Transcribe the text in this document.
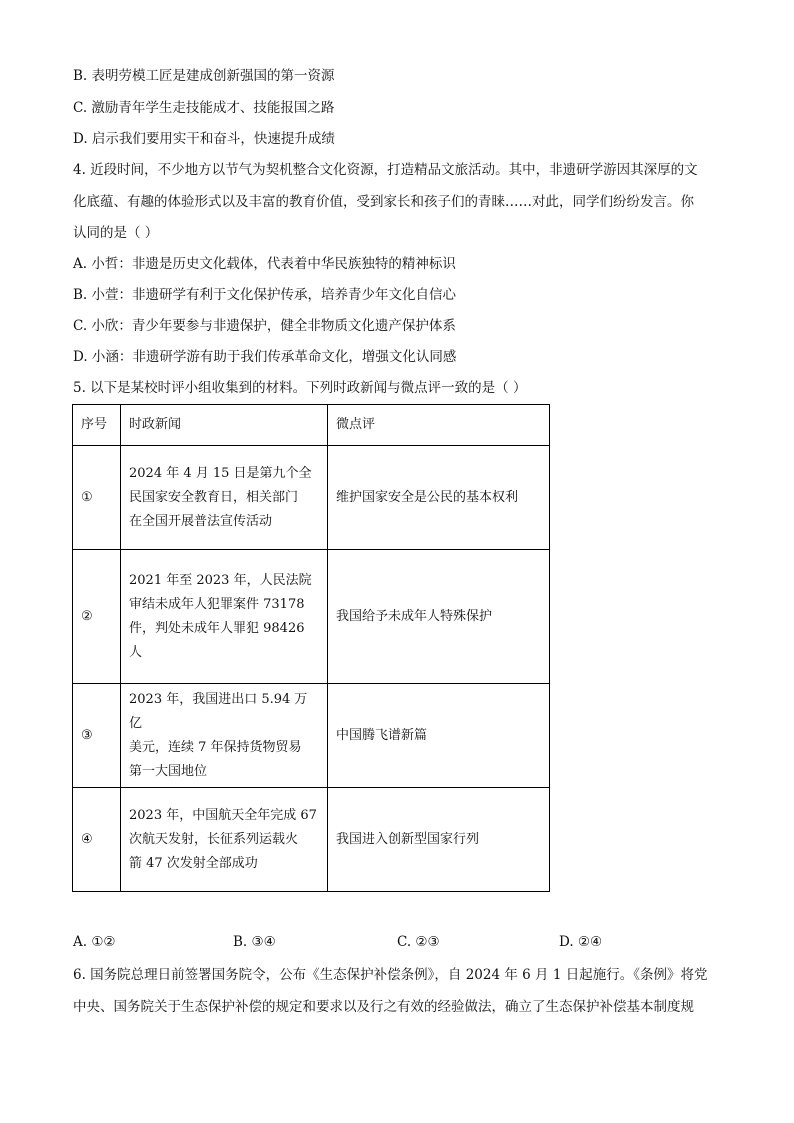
B. 表明劳模工匠是建成创新强国的第一资源
C. 激励青年学生走技能成才、技能报国之路
D. 启示我们要用实干和奋斗，快速提升成绩
4. 近段时间，不少地方以节气为契机整合文化资源，打造精品文旅活动。其中，非遗研学游因其深厚的文
化底蕴、有趣的体验形式以及丰富的教育价值，受到家长和孩子们的青睐……对此，同学们纷纷发言。你
认同的是（ ）
A. 小哲：非遗是历史文化载体，代表着中华民族独特的精神标识
B. 小萱：非遗研学有利于文化保护传承，培养青少年文化自信心
C. 小欣：青少年要参与非遗保护，健全非物质文化遗产保护体系
D. 小涵：非遗研学游有助于我们传承革命文化，增强文化认同感
5. 以下是某校时评小组收集到的材料。下列时政新闻与微点评一致的是（ ）
序号	时政新闻	微点评
①	2024 年 4 月 15 日是第九个全
民国家安全教育日，相关部门
在全国开展普法宣传活动	维护国家安全是公民的基本权利
②	2021 年至 2023 年，人民法院
审结未成年人犯罪案件 73178
件，判处未成年人罪犯 98426
人	我国给予未成年人特殊保护
③	2023 年，我国进出口 5.94 万亿
美元，连续 7 年保持货物贸易
第一大国地位	中国腾飞谱新篇
④	2023 年，中国航天全年完成 67
次航天发射，长征系列运载火
箭 47 次发射全部成功	我国进入创新型国家行列
A. ①②	B. ③④	C. ②③	D. ②④
6. 国务院总理日前签署国务院令，公布《生态保护补偿条例》，自 2024 年 6 月 1 日起施行。《条例》将党
中央、国务院关于生态保护补偿的规定和要求以及行之有效的经验做法，确立了生态保护补偿基本制度规
